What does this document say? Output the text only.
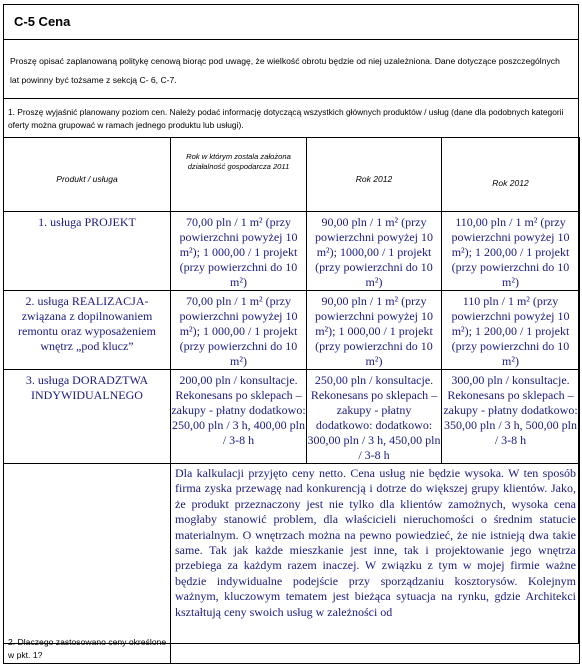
C-5 Cena
Proszę opisać zaplanowaną politykę cenową biorąc pod uwagę, że wielkość obrotu będzie od niej uzależniona. Dane dotyczące poszczególnych lat powinny być tożsame z sekcją C- 6, C-7.
1. Proszę wyjaśnić planowany poziom cen. Należy podać informację dotyczącą wszystkich głównych produktów / usług (dane dla podobnych kategorii oferty można grupować w ramach jednego produktu lub usługi).
Produkt / usługa	Rok w którym zostala założona działalność gospodarcza 2011	Rok 2012	Rok 2012
1. usługa PROJEKT	70,00 pln / 1 m² (przy powierzchni powyżej 10 m²); 1 000,00 / 1 projekt (przy powierzchni do 10 m²)	90,00 pln / 1 m² (przy powierzchni powyżej 10 m²); 1000,00 / 1 projekt (przy powierzchni do 10 m²)	110,00 pln / 1 m² (przy powierzchni powyżej 10 m²); 1 200,00 / 1 projekt (przy powierzchni do 10 m²)
2. usługa REALIZACJA- związana z dopilnowaniem remontu oraz wyposażeniem wnętrz „pod klucz”	70,00 pln / 1 m² (przy powierzchni powyżej 10 m²); 1 000,00 / 1 projekt (przy powierzchni do 10 m²)	90,00 pln / 1 m² (przy powierzchni powyżej 10 m²); 1 000,00 / 1 projekt (przy powierzchni do 10 m²)	110 pln / 1 m² (przy powierzchni powyżej 10 m²); 1 200,00 / 1 projekt (przy powierzchni do 10 m²)
3. usługa DORADZTWA INDYWIDUALNEGO	200,00 pln / konsultacje. Rekonesans po sklepach – zakupy - płatny dodatkowo: 250,00 pln / 3 h, 400,00 pln / 3-8 h	250,00 pln / konsultacje. Rekonesans po sklepach – zakupy - płatny dodatkowo: dodatkowo: 300,00 pln / 3 h, 450,00 pln / 3-8 h	300,00 pln / konsultacje. Rekonesans po sklepach – zakupy - płatny dodatkowo: 350,00 pln / 3 h, 500,00 pln / 3-8 h
2. Dlaczego zastosowano ceny określone w pkt. 1?	Dla kalkulacji przyjęto ceny netto. Cena usług nie będzie wysoka. W ten sposób firma zyska przewagę nad konkurencją i dotrze do większej grupy klientów. Jako, że produkt przeznaczony jest nie tylko dla klientów zamożnych, wysoka cena mogłaby stanowić problem, dla właścicieli nieruchomości o średnim statucie materialnym. O wnętrzach można na pewno powiedzieć, że nie istnieją dwa takie same. Tak jak każde mieszkanie jest inne, tak i projektowanie jego wnętrza przebiega za każdym razem inaczej. W związku z tym w mojej firmie ważne będzie indywidualne podejście przy sporządzaniu kosztorysów. Kolejnym ważnym, kluczowym tematem jest bieżąca sytuacja na rynku, gdzie Architekci kształtują ceny swoich usług w zależności od		
